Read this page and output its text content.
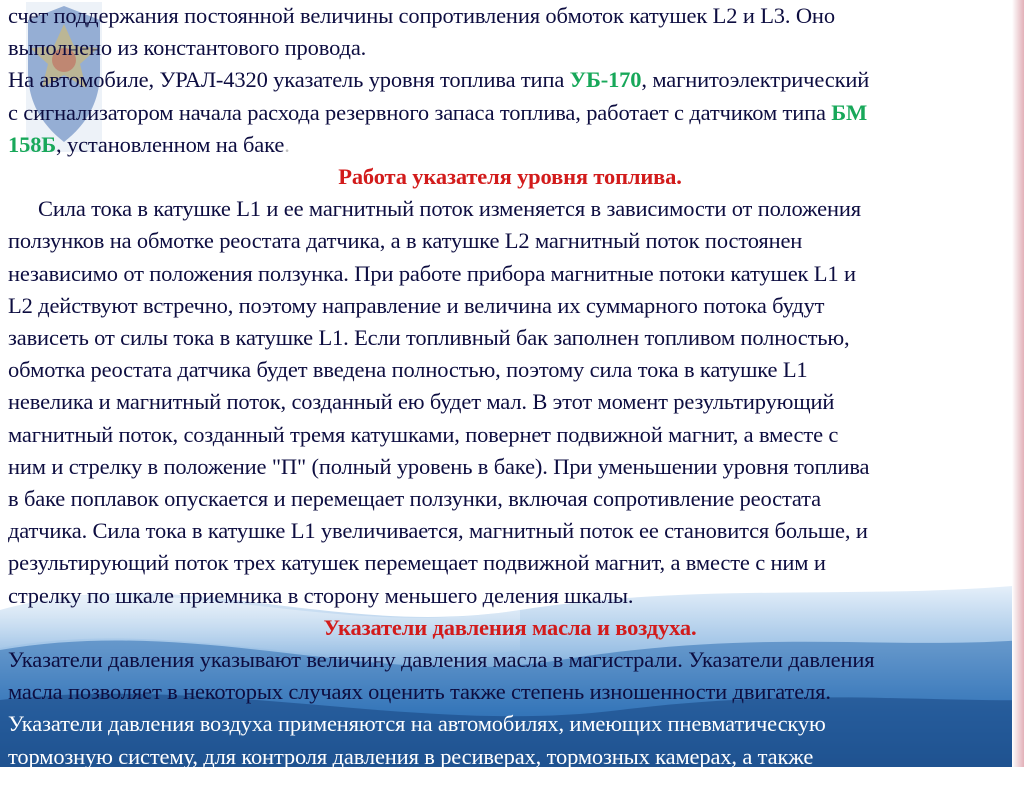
счет поддержания постоянной величины сопротивления обмоток катушек L2 и L3. Оно
выполнено из константового провода.
На автомобиле, УРАЛ-4320 указатель уровня топлива типа УБ-170, магнитоэлектрический
с сигнализатором начала расхода резервного запаса топлива, работает с датчиком типа БМ
158Б, установленном на баке.
Работа указателя уровня топлива.
Сила тока в катушке L1 и ее магнитный поток изменяется в зависимости от положения
ползунков на обмотке реостата датчика, а в катушке L2 магнитный поток постоянен
независимо от положения ползунка. При работе прибора магнитные потоки катушек L1 и
L2 действуют встречно, поэтому направление и величина их суммарного потока будут
зависеть от силы тока в катушке L1. Если топливный бак заполнен топливом полностью,
обмотка реостата датчика будет введена полностью, поэтому сила тока в катушке L1
невелика и магнитный поток, созданный ею будет мал. В этот момент результирующий
магнитный поток, созданный тремя катушками, повернет подвижной магнит, а вместе с
ним и стрелку в положение "П" (полный уровень в баке). При уменьшении уровня топлива
в баке поплавок опускается и перемещает ползунки, включая сопротивление реостата
датчика. Сила тока в катушке L1 увеличивается, магнитный поток ее становится больше, и
результирующий поток трех катушек перемещает подвижной магнит, а вместе с ним и
стрелку по шкале приемника в сторону меньшего деления шкалы.
Указатели давления масла и воздуха.
Указатели давления указывают величину давления масла в магистрали. Указатели давления
масла позволяет в некоторых случаях оценить также степень изношенности двигателя.
Указатели давления воздуха применяются на автомобилях, имеющих пневматическую
тормозную систему, для контроля давления в ресиверах, тормозных камерах, а также
давления в системе централизованной подкачки воздуха в шинах.
